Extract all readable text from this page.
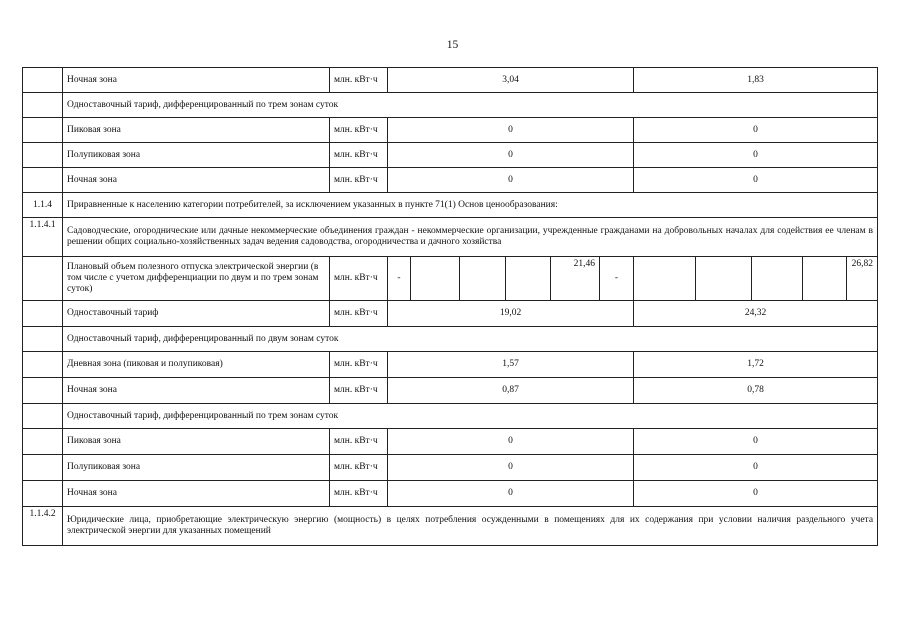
15
	Ночная зона	млн. кВт·ч	3,04						1,83				
	Одноставочный тариф, дифференцированный по трем зонам суток												
	Пиковая зона	млн. кВт·ч	0						0				
	Полупиковая зона	млн. кВт·ч	0						0				
	Ночная зона	млн. кВт·ч	0						0				
1.1.4	Приравненные к населению категории потребителей, за исключением указанных в пункте 71(1) Основ ценообразования:												
1.1.4.1	Садоводческие, огороднические или дачные некоммерческие объединения граждан - некоммерческие организации, учрежденные гражданами на добровольных началах для содействия ее членам в решении общих социально-хозяйственных задач ведения садоводства, огородничества и дачного хозяйства												
	Плановый объем полезного отпуска электрической энергии (в том числе с учетом дифференциации по двум и по трем зонам суток)	млн. кВт·ч	-				21,46	-					26,82
	Одноставочный тариф	млн. кВт·ч	19,02						24,32				
	Одноставочный тариф, дифференцированный по двум зонам суток												
	Дневная зона (пиковая и полупиковая)	млн. кВт·ч	1,57						1,72				
	Ночная зона	млн. кВт·ч	0,87						0,78				
	Одноставочный тариф, дифференцированный по трем зонам суток												
	Пиковая зона	млн. кВт·ч	0						0				
	Полупиковая зона	млн. кВт·ч	0						0				
	Ночная зона	млн. кВт·ч	0						0				
1.1.4.2	Юридические лица, приобретающие электрическую энергию (мощность) в целях потребления осужденными в помещениях для их содержания при условии наличия раздельного учета электрической энергии для указанных помещений												
